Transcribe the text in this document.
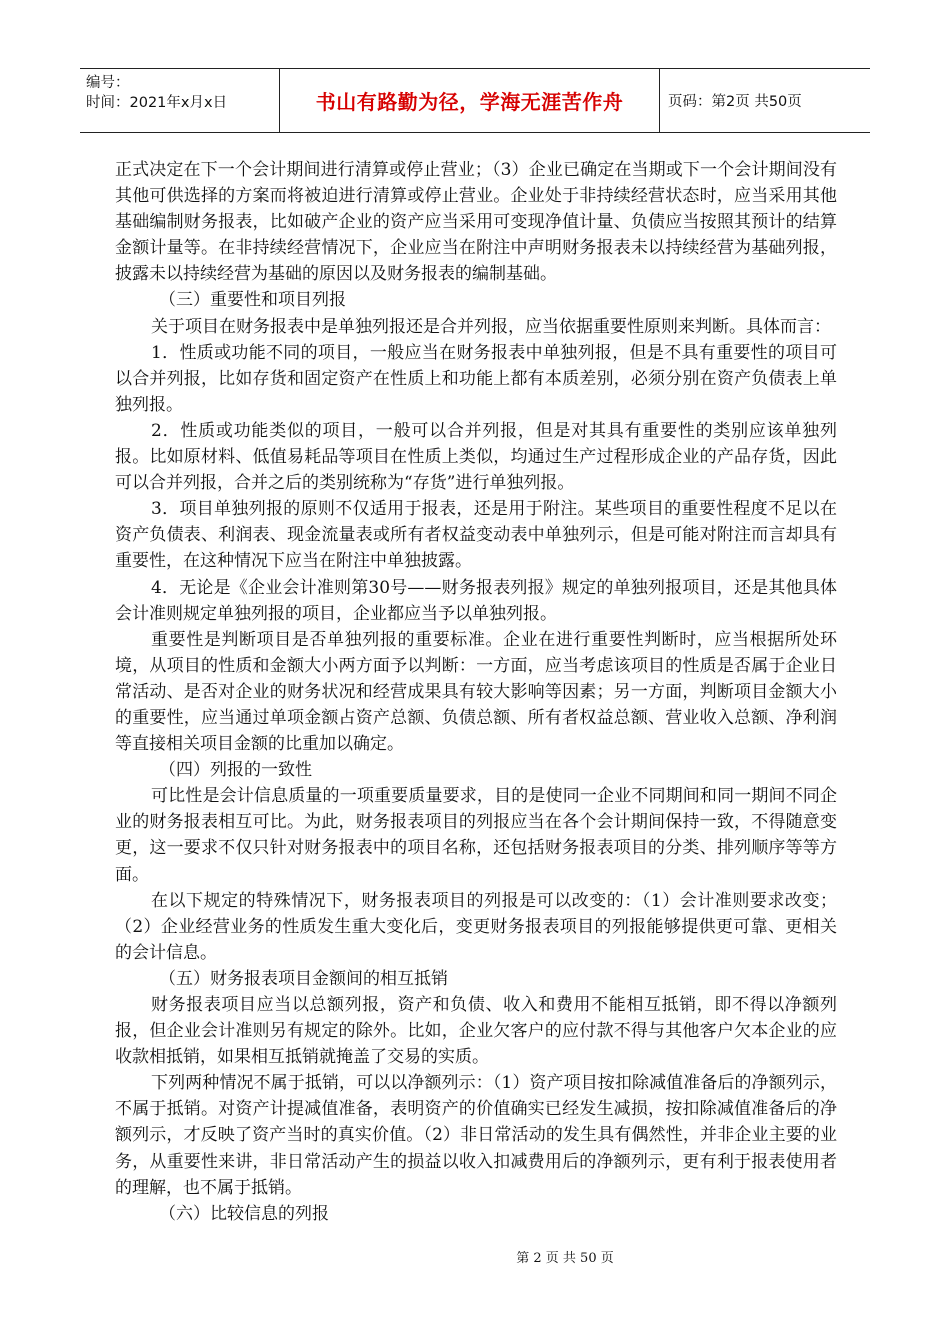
编号：
时间：2021年x月x日	书山有路勤为径，学海无涯苦作舟	页码：第2页 共50页

正式决定在下一个会计期间进行清算或停止营业；（3）企业已确定在当期或下一个会计期间没有其他可供选择的方案而将被迫进行清算或停止营业。企业处于非持续经营状态时，应当采用其他基础编制财务报表，比如破产企业的资产应当采用可变现净值计量、负债应当按照其预计的结算金额计量等。在非持续经营情况下，企业应当在附注中声明财务报表未以持续经营为基础列报，披露未以持续经营为基础的原因以及财务报表的编制基础。

（三）重要性和项目列报

关于项目在财务报表中是单独列报还是合并列报，应当依据重要性原则来判断。具体而言：

1．性质或功能不同的项目，一般应当在财务报表中单独列报，但是不具有重要性的项目可以合并列报，比如存货和固定资产在性质上和功能上都有本质差别，必须分别在资产负债表上单独列报。

2．性质或功能类似的项目，一般可以合并列报，但是对其具有重要性的类别应该单独列报。比如原材料、低值易耗品等项目在性质上类似，均通过生产过程形成企业的产品存货，因此可以合并列报，合并之后的类别统称为“存货”进行单独列报。

3．项目单独列报的原则不仅适用于报表，还是用于附注。某些项目的重要性程度不足以在资产负债表、利润表、现金流量表或所有者权益变动表中单独列示，但是可能对附注而言却具有重要性，在这种情况下应当在附注中单独披露。

4．无论是《企业会计准则第30号——财务报表列报》规定的单独列报项目，还是其他具体会计准则规定单独列报的项目，企业都应当予以单独列报。

重要性是判断项目是否单独列报的重要标准。企业在进行重要性判断时，应当根据所处环境，从项目的性质和金额大小两方面予以判断：一方面，应当考虑该项目的性质是否属于企业日常活动、是否对企业的财务状况和经营成果具有较大影响等因素；另一方面，判断项目金额大小的重要性，应当通过单项金额占资产总额、负债总额、所有者权益总额、营业收入总额、净利润等直接相关项目金额的比重加以确定。

（四）列报的一致性

可比性是会计信息质量的一项重要质量要求，目的是使同一企业不同期间和同一期间不同企业的财务报表相互可比。为此，财务报表项目的列报应当在各个会计期间保持一致，不得随意变更，这一要求不仅只针对财务报表中的项目名称，还包括财务报表项目的分类、排列顺序等等方面。

在以下规定的特殊情况下，财务报表项目的列报是可以改变的：（1）会计准则要求改变；（2）企业经营业务的性质发生重大变化后，变更财务报表项目的列报能够提供更可靠、更相关的会计信息。

（五）财务报表项目金额间的相互抵销

财务报表项目应当以总额列报，资产和负债、收入和费用不能相互抵销，即不得以净额列报，但企业会计准则另有规定的除外。比如，企业欠客户的应付款不得与其他客户欠本企业的应收款相抵销，如果相互抵销就掩盖了交易的实质。

下列两种情况不属于抵销，可以以净额列示：（1）资产项目按扣除减值准备后的净额列示，不属于抵销。对资产计提减值准备，表明资产的价值确实已经发生减损，按扣除减值准备后的净额列示，才反映了资产当时的真实价值。（2）非日常活动的发生具有偶然性，并非企业主要的业务，从重要性来讲，非日常活动产生的损益以收入扣减费用后的净额列示，更有利于报表使用者的理解，也不属于抵销。

（六）比较信息的列报

第 2 页 共 50 页
